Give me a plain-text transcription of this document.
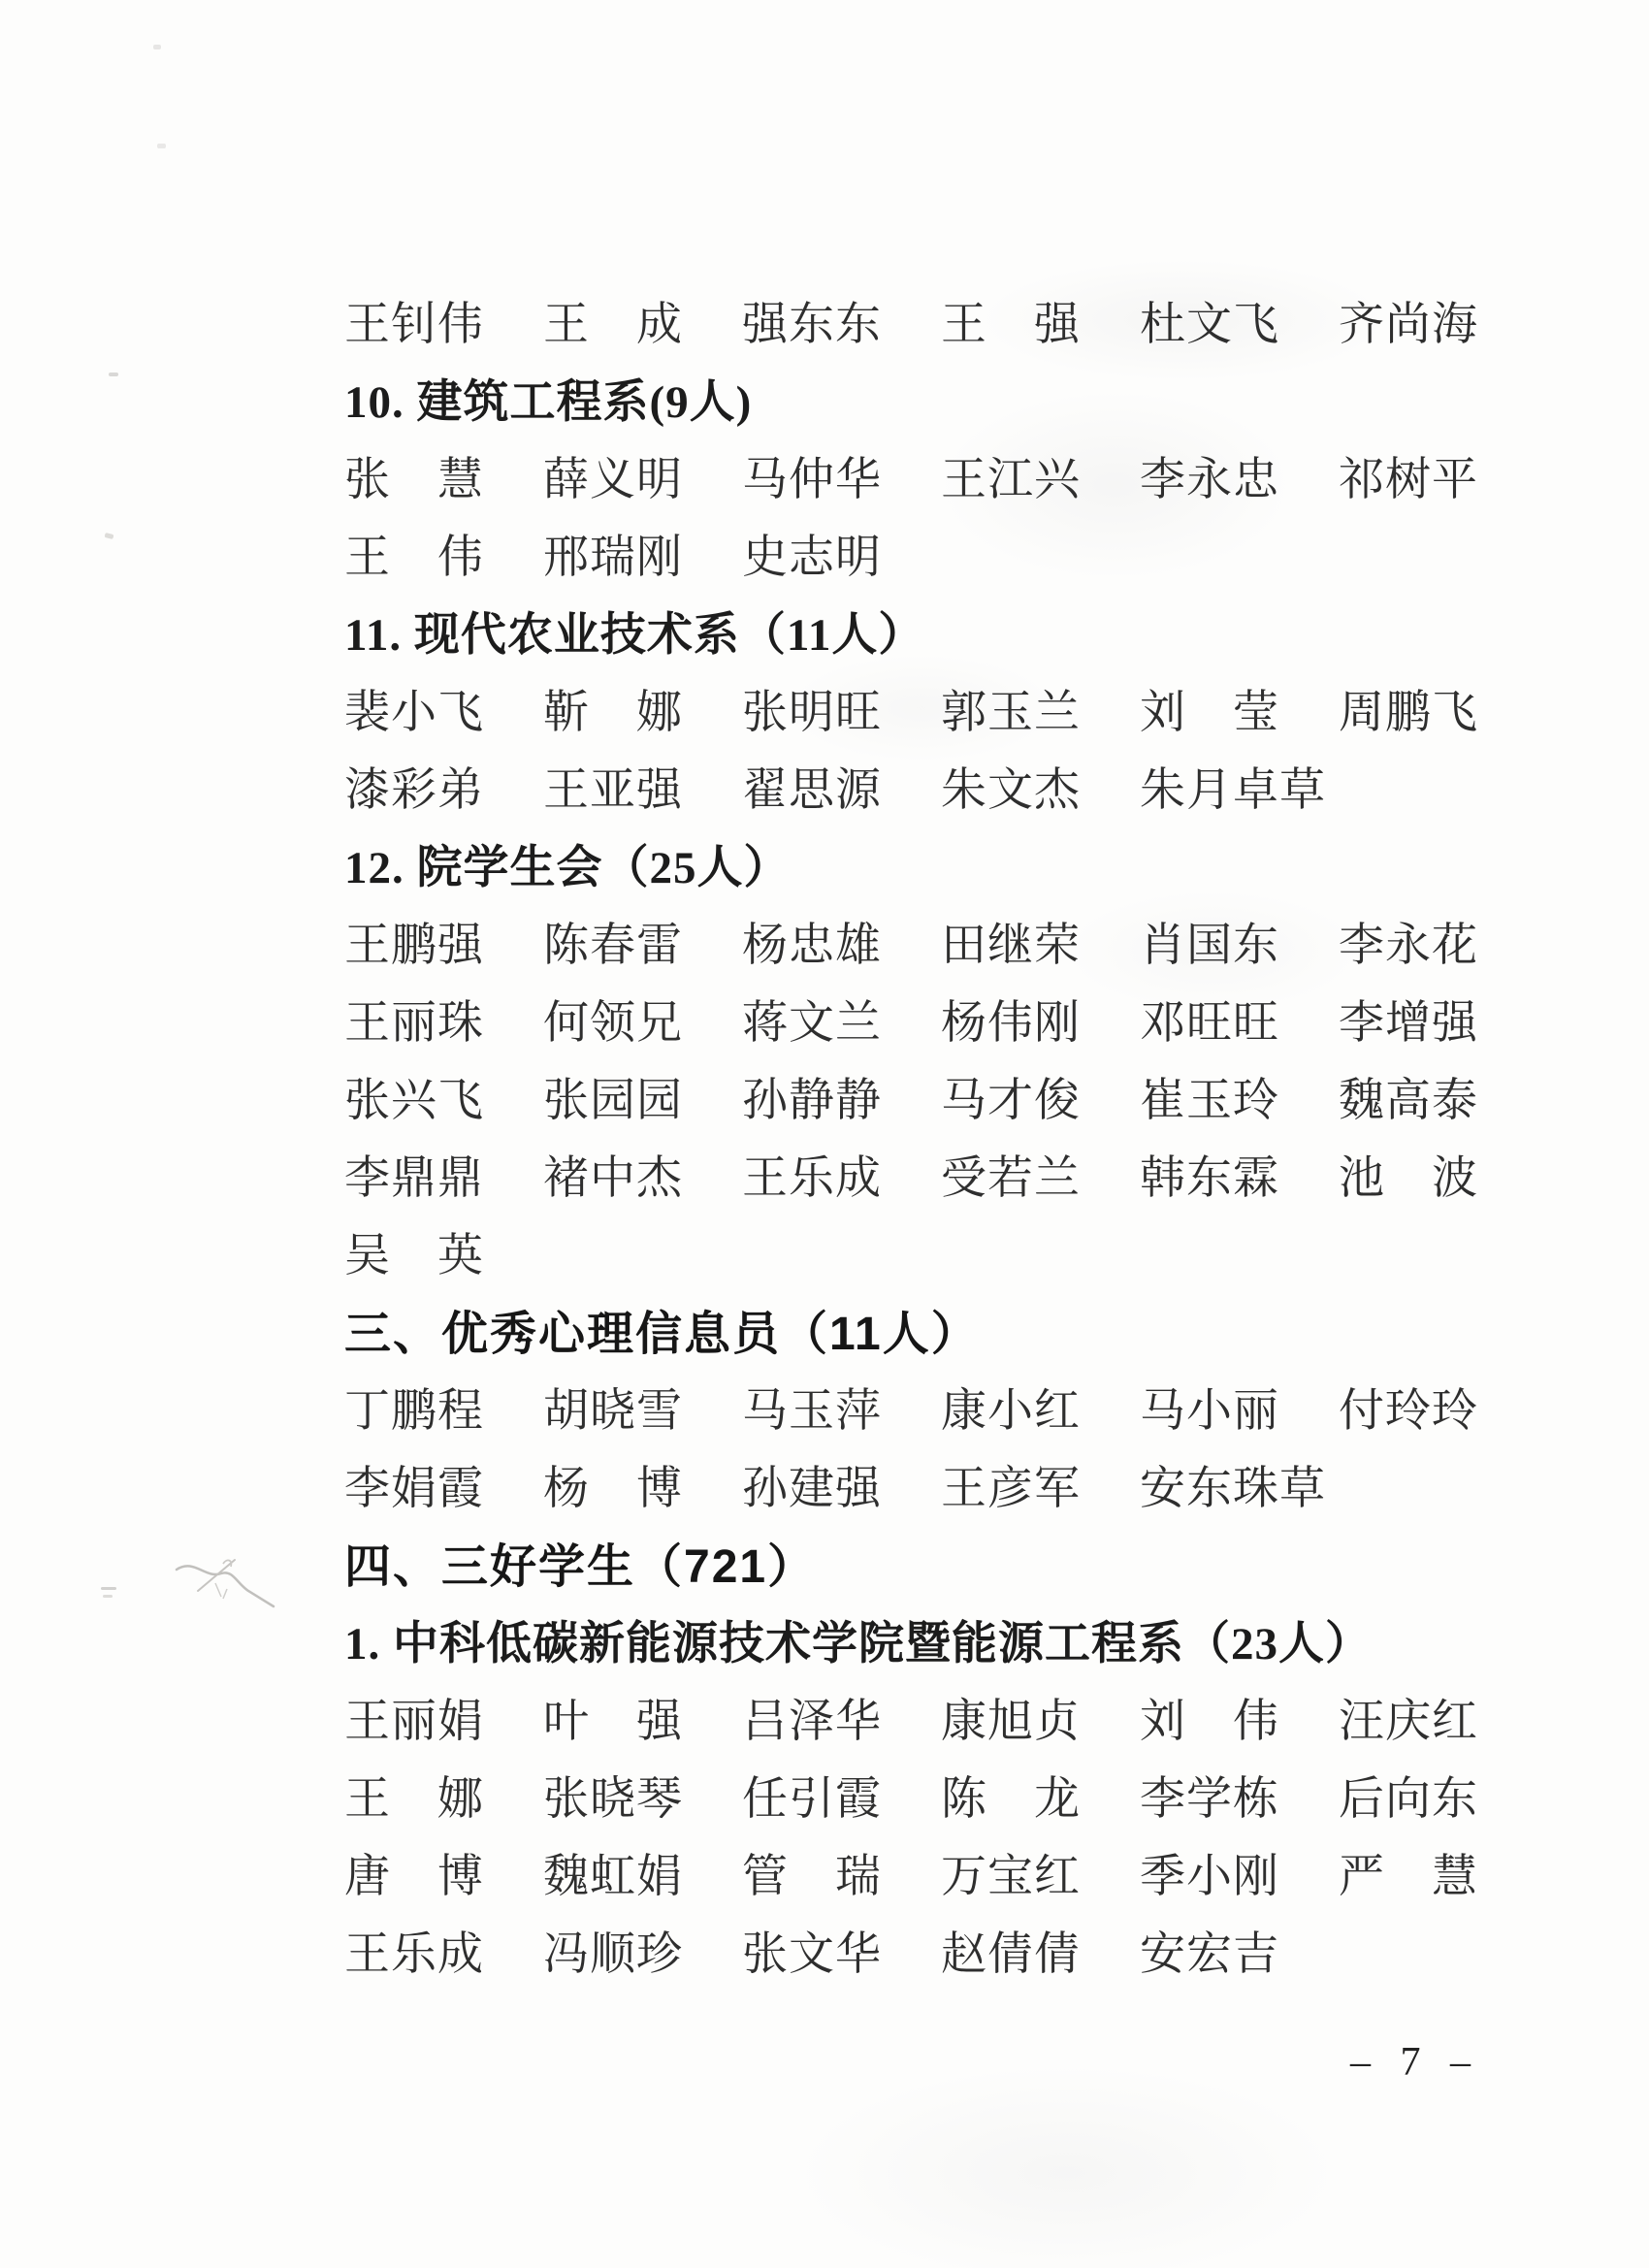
王钊伟	王　成	强东东	王　强	杜文飞	齐尚海
10. 建筑工程系(9人)
张　慧	薛义明	马仲华	王江兴	李永忠	祁树平
王　伟	邢瑞刚	史志明
11. 现代农业技术系（11人）
裴小飞	靳　娜	张明旺	郭玉兰	刘　莹	周鹏飞
漆彩弟	王亚强	翟思源	朱文杰	朱月卓草
12. 院学生会（25人）
王鹏强	陈春雷	杨忠雄	田继荣	肖国东	李永花
王丽珠	何领兄	蒋文兰	杨伟刚	邓旺旺	李增强
张兴飞	张园园	孙静静	马才俊	崔玉玲	魏高泰
李鼎鼎	褚中杰	王乐成	受若兰	韩东霖	池　波
吴　英
三、优秀心理信息员（11人）
丁鹏程	胡晓雪	马玉萍	康小红	马小丽	付玲玲
李娟霞	杨　博	孙建强	王彦军	安东珠草
四、三好学生（721）
1. 中科低碳新能源技术学院暨能源工程系（23人）
王丽娟	叶　强	吕泽华	康旭贞	刘　伟	汪庆红
王　娜	张晓琴	任引霞	陈　龙	李学栋	后向东
唐　博	魏虹娟	管　瑞	万宝红	季小刚	严　慧
王乐成	冯顺珍	张文华	赵倩倩	安宏吉
– 7 –
